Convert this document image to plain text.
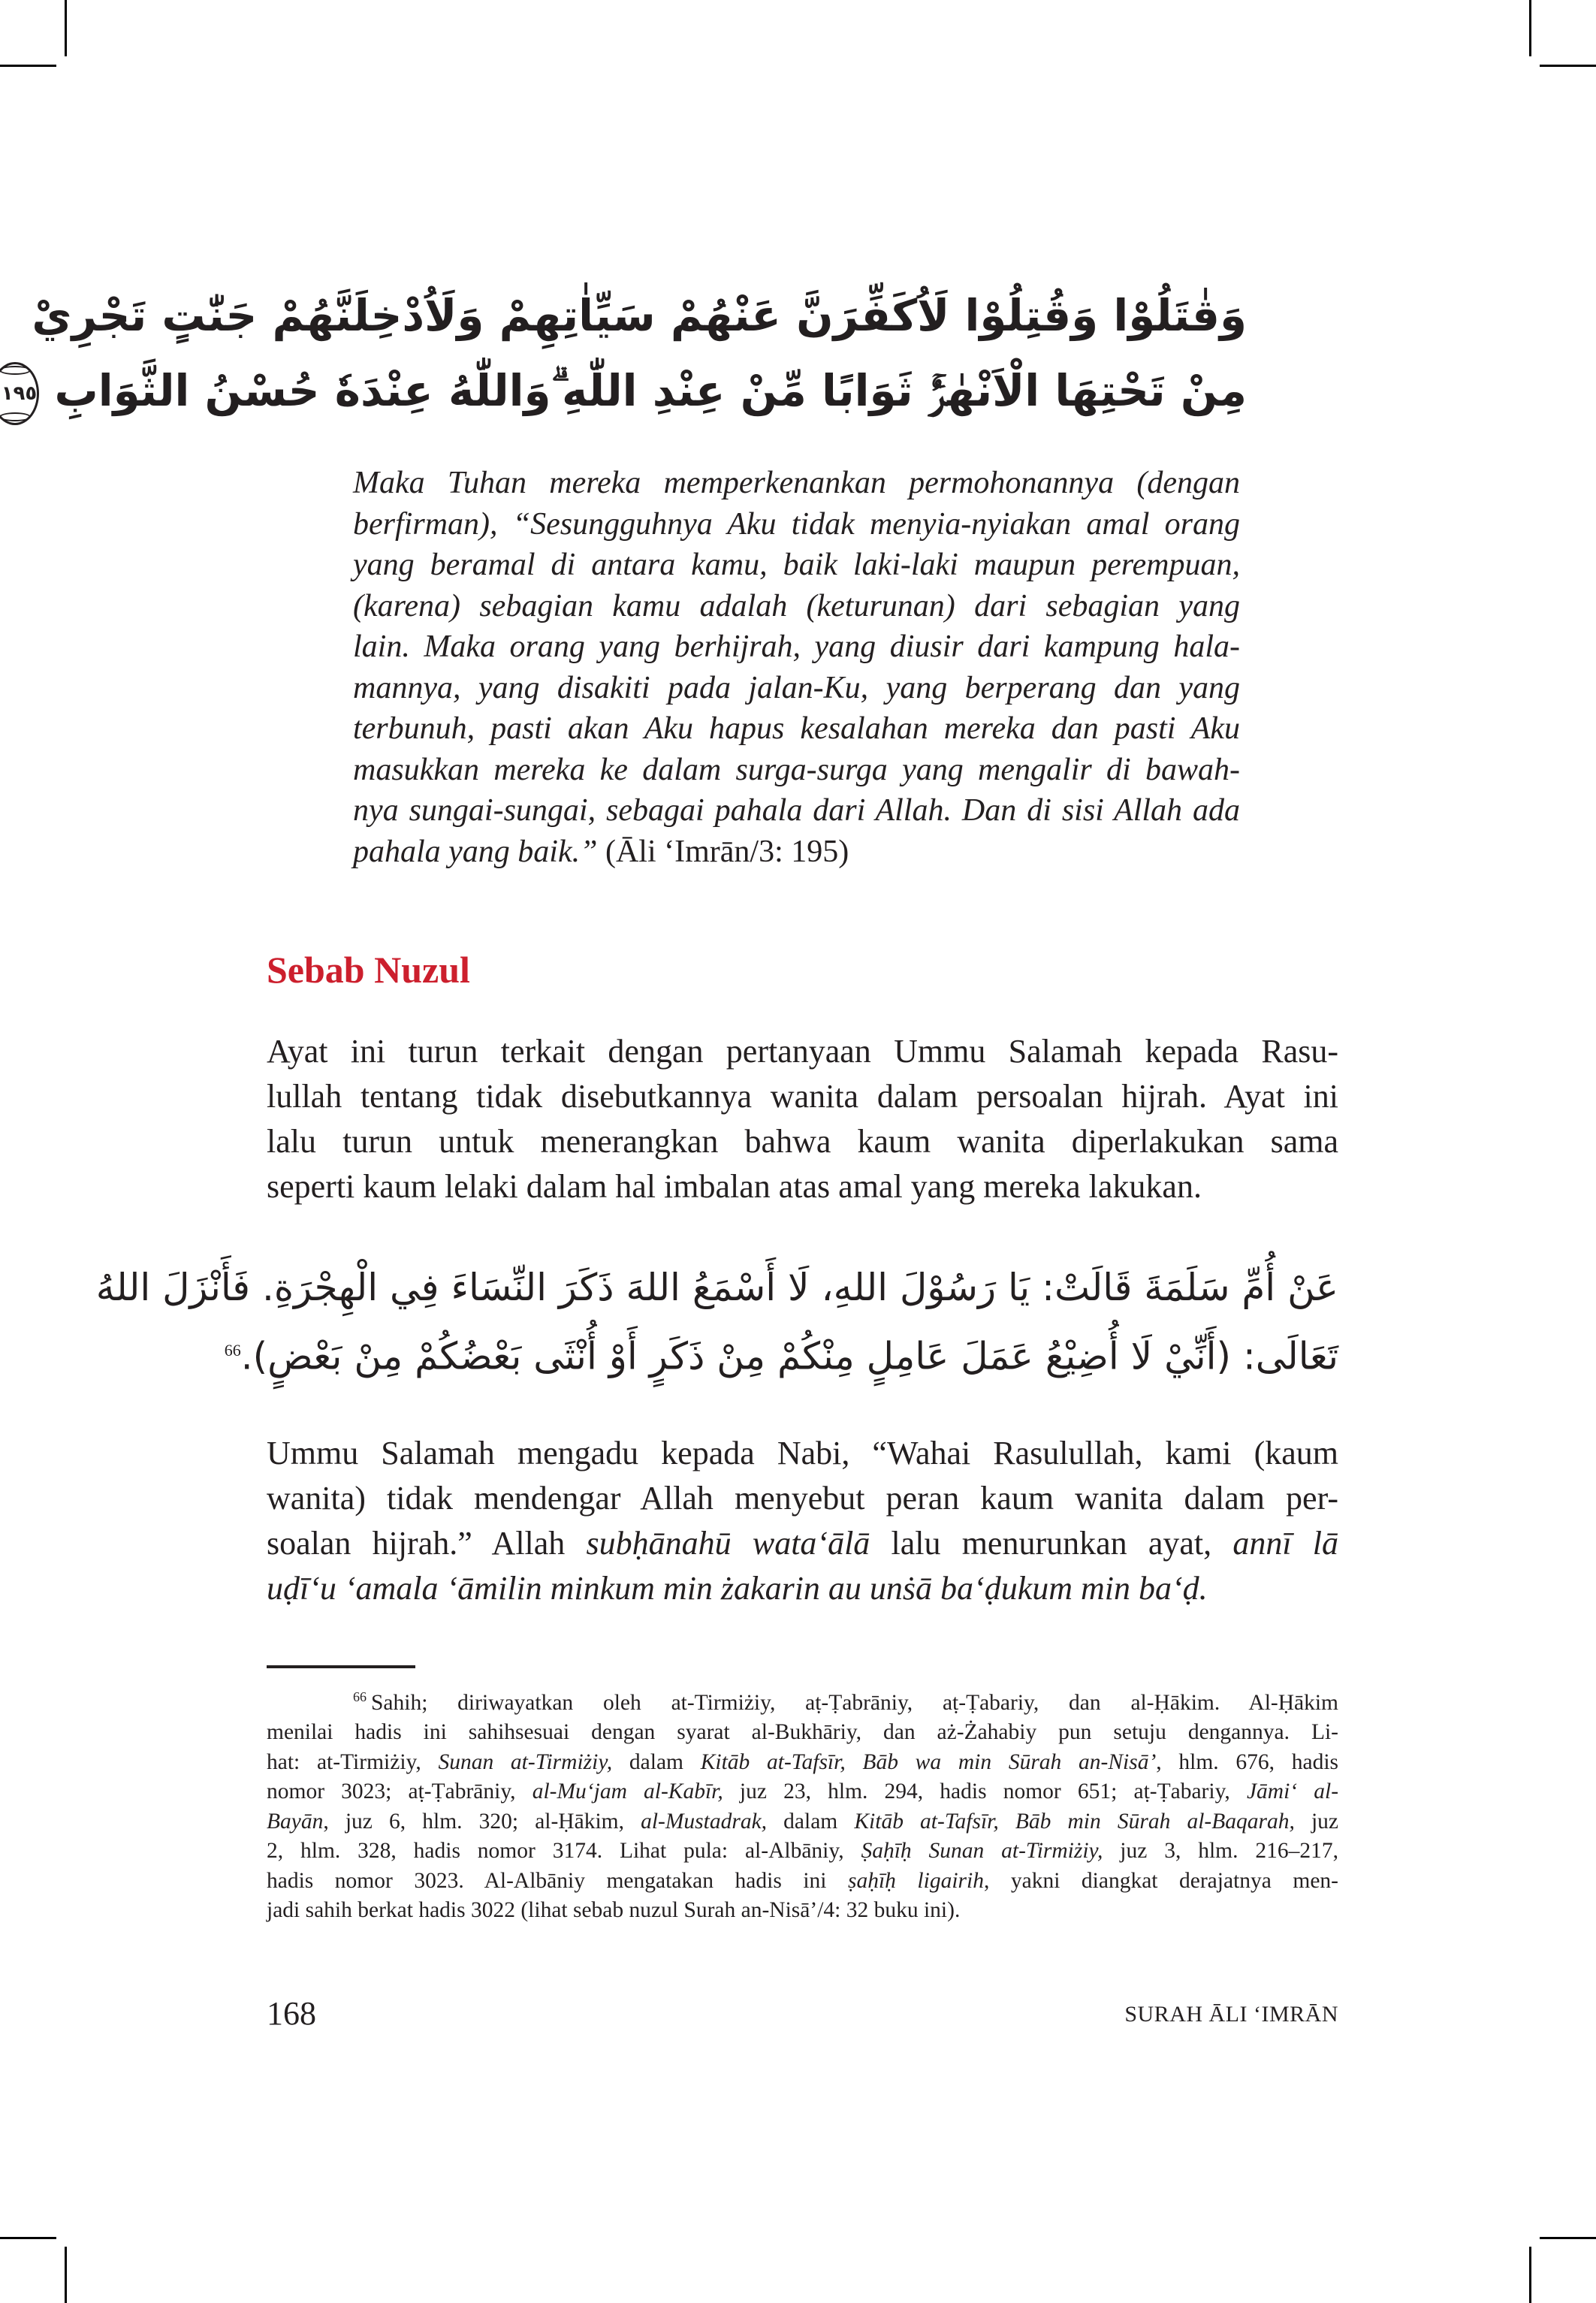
وَقٰتَلُوْا وَقُتِلُوْا لَاُكَفِّرَنَّ عَنْهُمْ سَيِّاٰتِهِمْ وَلَاُدْخِلَنَّهُمْ جَنّٰتٍ تَجْرِيْ
مِنْ تَحْتِهَا الْاَنْهٰرُۚ ثَوَابًا مِّنْ عِنْدِ اللّٰهِ ۗوَاللّٰهُ عِنْدَهٗ حُسْنُ الثَّوَابِ ١٩٥
Maka Tuhan mereka memperkenankan permohonannya (dengan
berfirman), “Sesungguhnya Aku tidak menyia-nyiakan amal orang
yang beramal di antara kamu, baik laki-laki maupun perempuan,
(karena) sebagian kamu adalah (keturunan) dari sebagian yang
lain. Maka orang yang berhijrah, yang diusir dari kampung hala-
mannya, yang disakiti pada jalan-Ku, yang berperang dan yang
terbunuh, pasti akan Aku hapus kesalahan mereka dan pasti Aku
masukkan mereka ke dalam surga-surga yang mengalir di bawah-
nya sungai-sungai, sebagai pahala dari Allah. Dan di sisi Allah ada
pahala yang baik.” (Āli ‘Imrān/3: 195)
Sebab Nuzul
Ayat ini turun terkait dengan pertanyaan Ummu Salamah kepada Rasu-
lullah tentang tidak disebutkannya wanita dalam persoalan hijrah. Ayat ini
lalu turun untuk menerangkan bahwa kaum wanita diperlakukan sama
seperti kaum lelaki dalam hal imbalan atas amal yang mereka lakukan.
عَنْ أُمِّ سَلَمَةَ قَالَتْ: يَا رَسُوْلَ اللهِ، لَا أَسْمَعُ اللهَ ذَكَرَ النِّسَاءَ فِي الْهِجْرَةِ. فَأَنْزَلَ اللهُ
تَعَالَى: (أَنِّيْ لَا أُضِيْعُ عَمَلَ عَامِلٍ مِنْكُمْ مِنْ ذَكَرٍ أَوْ أُنْثَى بَعْضُكُمْ مِنْ بَعْضٍ).$^{66}$
Ummu Salamah mengadu kepada Nabi, “Wahai Rasulullah, kami (kaum
wanita) tidak mendengar Allah menyebut peran kaum wanita dalam per-
soalan hijrah.” Allah subḥānahū wata‘ālā lalu menurunkan ayat, annī lā
uḍī‘u ‘amala ‘āmilin minkum min żakarin au unṡā ba‘ḍukum min ba‘ḍ.
$^{66}$ Sahih; diriwayatkan oleh at-Tirmiżiy, aṭ-Ṭabrāniy, aṭ-Ṭabariy, dan al-Ḥākim. Al-Ḥākim
menilai hadis ini sahihsesuai dengan syarat al-Bukhāriy, dan aż-Żahabiy pun setuju dengannya. Li-
hat: at-Tirmiżiy, Sunan at-Tirmiżiy, dalam Kitāb at-Tafsīr, Bāb wa min Sūrah an-Nisā’, hlm. 676, hadis
nomor 3023; aṭ-Ṭabrāniy, al-Mu‘jam al-Kabīr, juz 23, hlm. 294, hadis nomor 651; aṭ-Ṭabariy, Jāmi‘ al-
Bayān, juz 6, hlm. 320; al-Ḥākim, al-Mustadrak, dalam Kitāb at-Tafsīr, Bāb min Sūrah al-Baqarah, juz
2, hlm. 328, hadis nomor 3174. Lihat pula: al-Albāniy, Ṣaḥīḥ Sunan at-Tirmiżiy, juz 3, hlm. 216–217,
hadis nomor 3023. Al-Albāniy mengatakan hadis ini ṣaḥīḥ ligairih, yakni diangkat derajatnya men-
jadi sahih berkat hadis 3022 (lihat sebab nuzul Surah an-Nisā’/4: 32 buku ini).
168	SURAH ĀLI ‘IMRĀN
